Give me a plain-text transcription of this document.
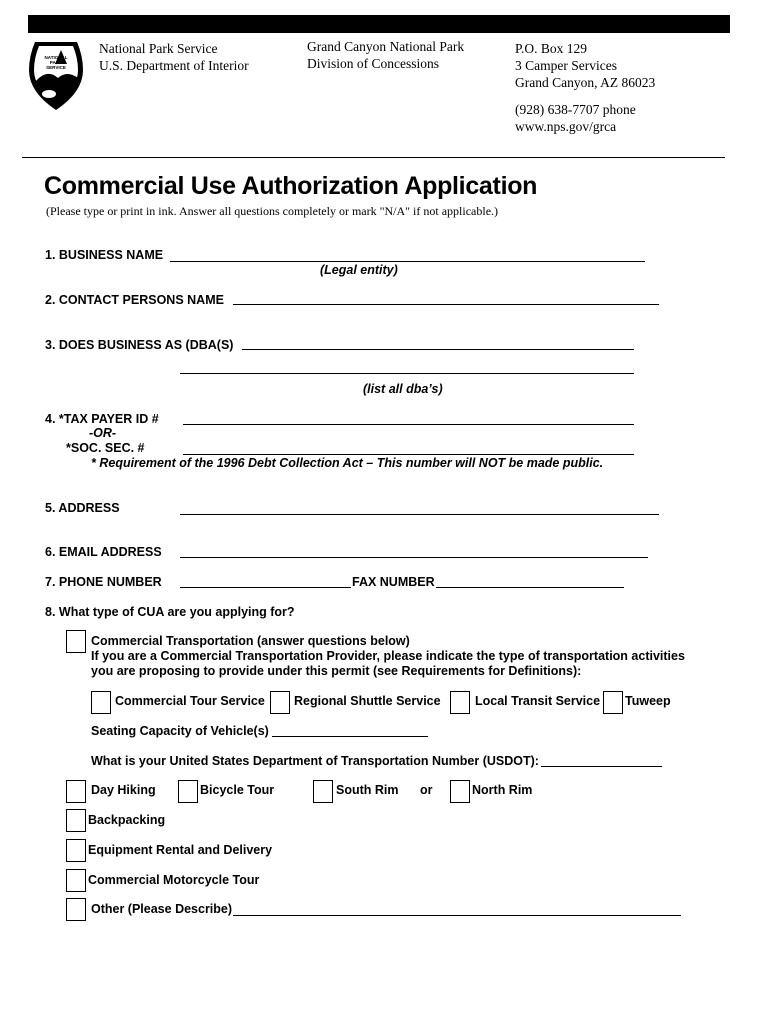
NATIONAL
PARK
SERVICE
National Park Service
U.S. Department of Interior
Grand Canyon National Park
Division of Concessions
P.O. Box 129
3 Camper Services
Grand Canyon, AZ 86023
(928) 638-7707 phone
www.nps.gov/grca
Commercial Use Authorization Application
(Please type or print in ink. Answer all questions completely or mark "N/A" if not applicable.)
1. BUSINESS NAME
(Legal entity)
2. CONTACT PERSONS NAME
3. DOES BUSINESS AS (DBA(S)
(list all dba’s)
4. *TAX PAYER ID #
-OR-
*SOC. SEC. #
* Requirement of the 1996 Debt Collection Act – This number will NOT be made public.
5. ADDRESS
6. EMAIL ADDRESS
7. PHONE NUMBER	FAX NUMBER
8. What type of CUA are you applying for?
Commercial Transportation (answer questions below)
If you are a Commercial Transportation Provider, please indicate the type of transportation activities
you are proposing to provide under this permit (see Requirements for Definitions):
Commercial Tour Service Regional Shuttle Service	Local Transit Service Tuweep
Seating Capacity of Vehicle(s)
What is your United States Department of Transportation Number (USDOT):
Day Hiking	Bicycle Tour	South Rim or	North Rim
Backpacking
Equipment Rental and Delivery
Commercial Motorcycle Tour
Other (Please Describe)
